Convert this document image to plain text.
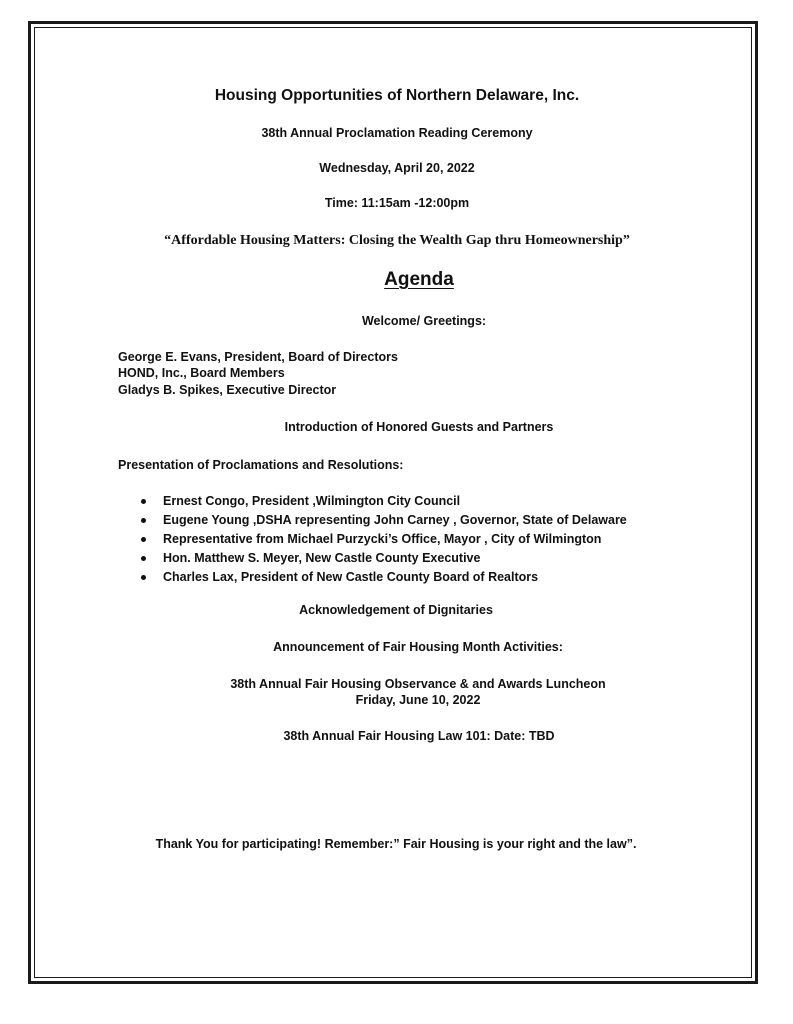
Housing Opportunities of Northern Delaware, Inc.
38th Annual Proclamation Reading Ceremony
Wednesday, April 20, 2022
Time: 11:15am -12:00pm
“Affordable Housing Matters: Closing the Wealth Gap thru Homeownership”
Agenda
Welcome/ Greetings:
George E. Evans, President, Board of Directors
HOND, Inc., Board Members
Gladys B. Spikes, Executive Director
Introduction of Honored Guests and Partners
Presentation of Proclamations and Resolutions:
Ernest Congo, President ,Wilmington City Council
Eugene Young ,DSHA representing John Carney , Governor, State of Delaware
Representative from Michael Purzycki’s Office, Mayor , City of Wilmington
Hon. Matthew S. Meyer, New Castle County Executive
Charles Lax, President of New Castle County Board of Realtors
Acknowledgement of Dignitaries
Announcement of Fair Housing Month Activities:
38th Annual Fair Housing Observance & and Awards Luncheon
Friday, June 10, 2022
38th Annual Fair Housing Law 101: Date: TBD
Thank You for participating! Remember:” Fair Housing is your right and the law”.
